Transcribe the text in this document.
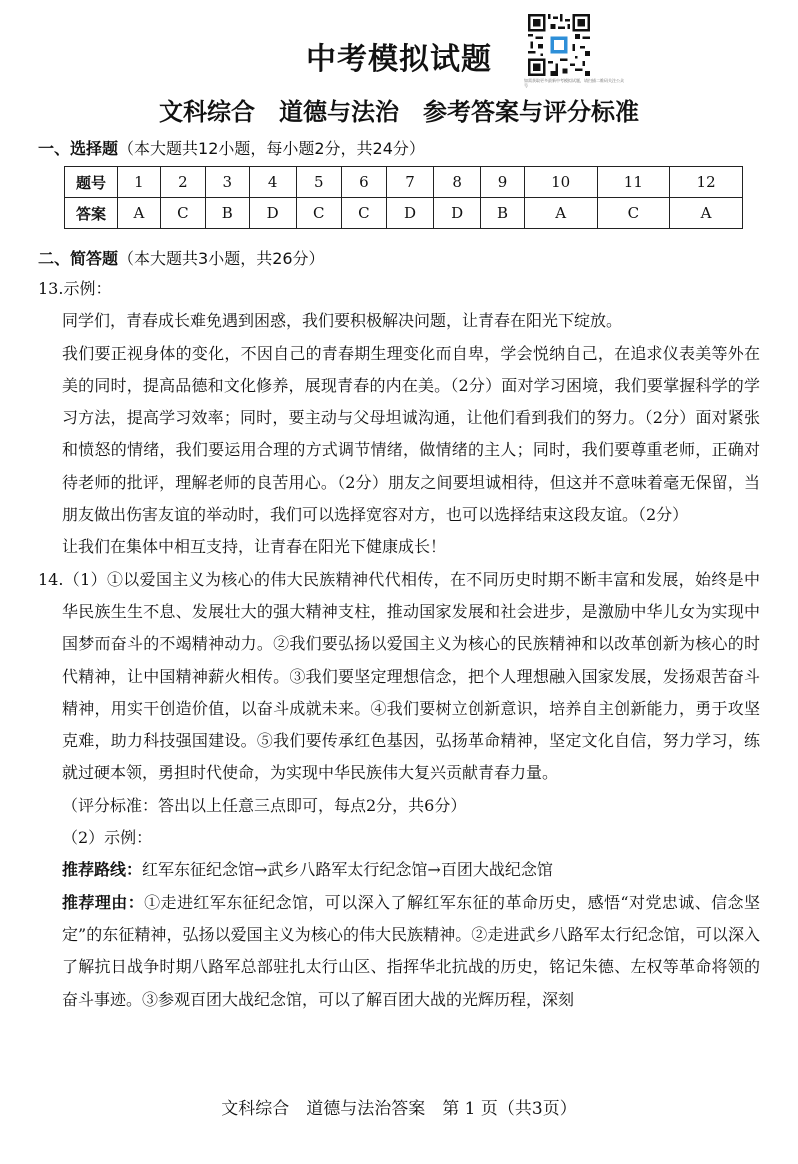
中考模拟试题
如需获取更多最新中考模拟试题，请扫描二维码关注公众号
文科综合　道德与法治　参考答案与评分标准
一、选择题（本大题共12小题，每小题2分，共24分）
题号	1	2	3	4	5	6	7	8	9	10	11	12
答案	A	C	B	D	C	C	D	D	B	A	C	A
二、简答题（本大题共3小题，共26分）

13.示例：

同学们，青春成长难免遇到困惑，我们要积极解决问题，让青春在阳光下绽放。

我们要正视身体的变化，不因自己的青春期生理变化而自卑，学会悦纳自己，在追求仪表美等外在美的同时，提高品德和文化修养，展现青春的内在美。（2分）面对学习困境，我们要掌握科学的学习方法，提高学习效率；同时，要主动与父母坦诚沟通，让他们看到我们的努力。（2分）面对紧张和愤怒的情绪，我们要运用合理的方式调节情绪，做情绪的主人；同时，我们要尊重老师，正确对待老师的批评，理解老师的良苦用心。（2分）朋友之间要坦诚相待，但这并不意味着毫无保留，当朋友做出伤害友谊的举动时，我们可以选择宽容对方，也可以选择结束这段友谊。（2分）

让我们在集体中相互支持，让青春在阳光下健康成长！

14.（1）①以爱国主义为核心的伟大民族精神代代相传，在不同历史时期不断丰富和发展，始终是中华民族生生不息、发展壮大的强大精神支柱，推动国家发展和社会进步，是激励中华儿女为实现中国梦而奋斗的不竭精神动力。②我们要弘扬以爱国主义为核心的民族精神和以改革创新为核心的时代精神，让中国精神薪火相传。③我们要坚定理想信念，把个人理想融入国家发展，发扬艰苦奋斗精神，用实干创造价值，以奋斗成就未来。④我们要树立创新意识，培养自主创新能力，勇于攻坚克难，助力科技强国建设。⑤我们要传承红色基因，弘扬革命精神，坚定文化自信，努力学习，练就过硬本领，勇担时代使命，为实现中华民族伟大复兴贡献青春力量。

（评分标准：答出以上任意三点即可，每点2分，共6分）

（2）示例：

推荐路线：红军东征纪念馆→武乡八路军太行纪念馆→百团大战纪念馆

推荐理由：①走进红军东征纪念馆，可以深入了解红军东征的革命历史，感悟“对党忠诚、信念坚定”的东征精神，弘扬以爱国主义为核心的伟大民族精神。②走进武乡八路军太行纪念馆，可以深入了解抗日战争时期八路军总部驻扎太行山区、指挥华北抗战的历史，铭记朱德、左权等革命将领的奋斗事迹。③参观百团大战纪念馆，可以了解百团大战的光辉历程，深刻

文科综合　道德与法治答案　第 1 页（共3页）
